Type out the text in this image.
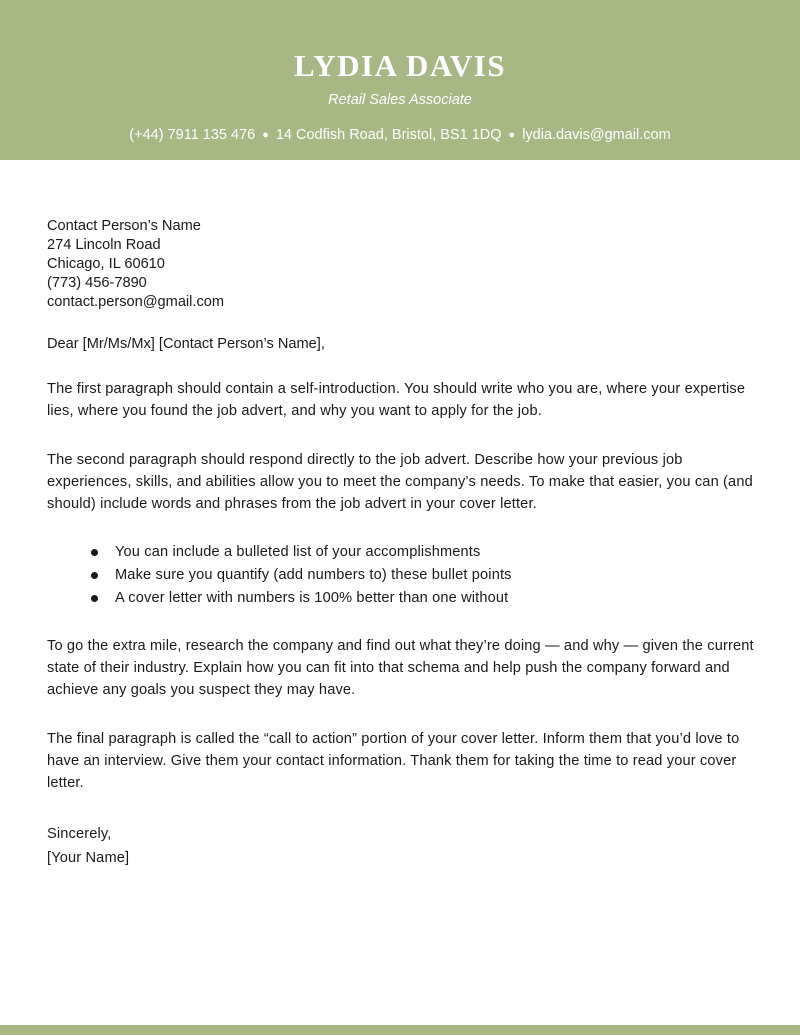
LYDIA DAVIS
Retail Sales Associate
(+44) 7911 135 476 ● 14 Codfish Road, Bristol, BS1 1DQ ● lydia.davis@gmail.com
Contact Person’s Name
274 Lincoln Road
Chicago, IL 60610
(773) 456-7890
contact.person@gmail.com
Dear [Mr/Ms/Mx] [Contact Person’s Name],

The first paragraph should contain a self-introduction. You should write who you are, where your expertise lies, where you found the job advert, and why you want to apply for the job.

The second paragraph should respond directly to the job advert. Describe how your previous job experiences, skills, and abilities allow you to meet the company’s needs. To make that easier, you can (and should) include words and phrases from the job advert in your cover letter.

You can include a bulleted list of your accomplishments
Make sure you quantify (add numbers to) these bullet points
A cover letter with numbers is 100% better than one without

To go the extra mile, research the company and find out what they’re doing — and why — given the current state of their industry. Explain how you can fit into that schema and help push the company forward and achieve any goals you suspect they may have.

The final paragraph is called the “call to action” portion of your cover letter. Inform them that you’d love to have an interview. Give them your contact information. Thank them for taking the time to read your cover letter.

Sincerely,
[Your Name]
